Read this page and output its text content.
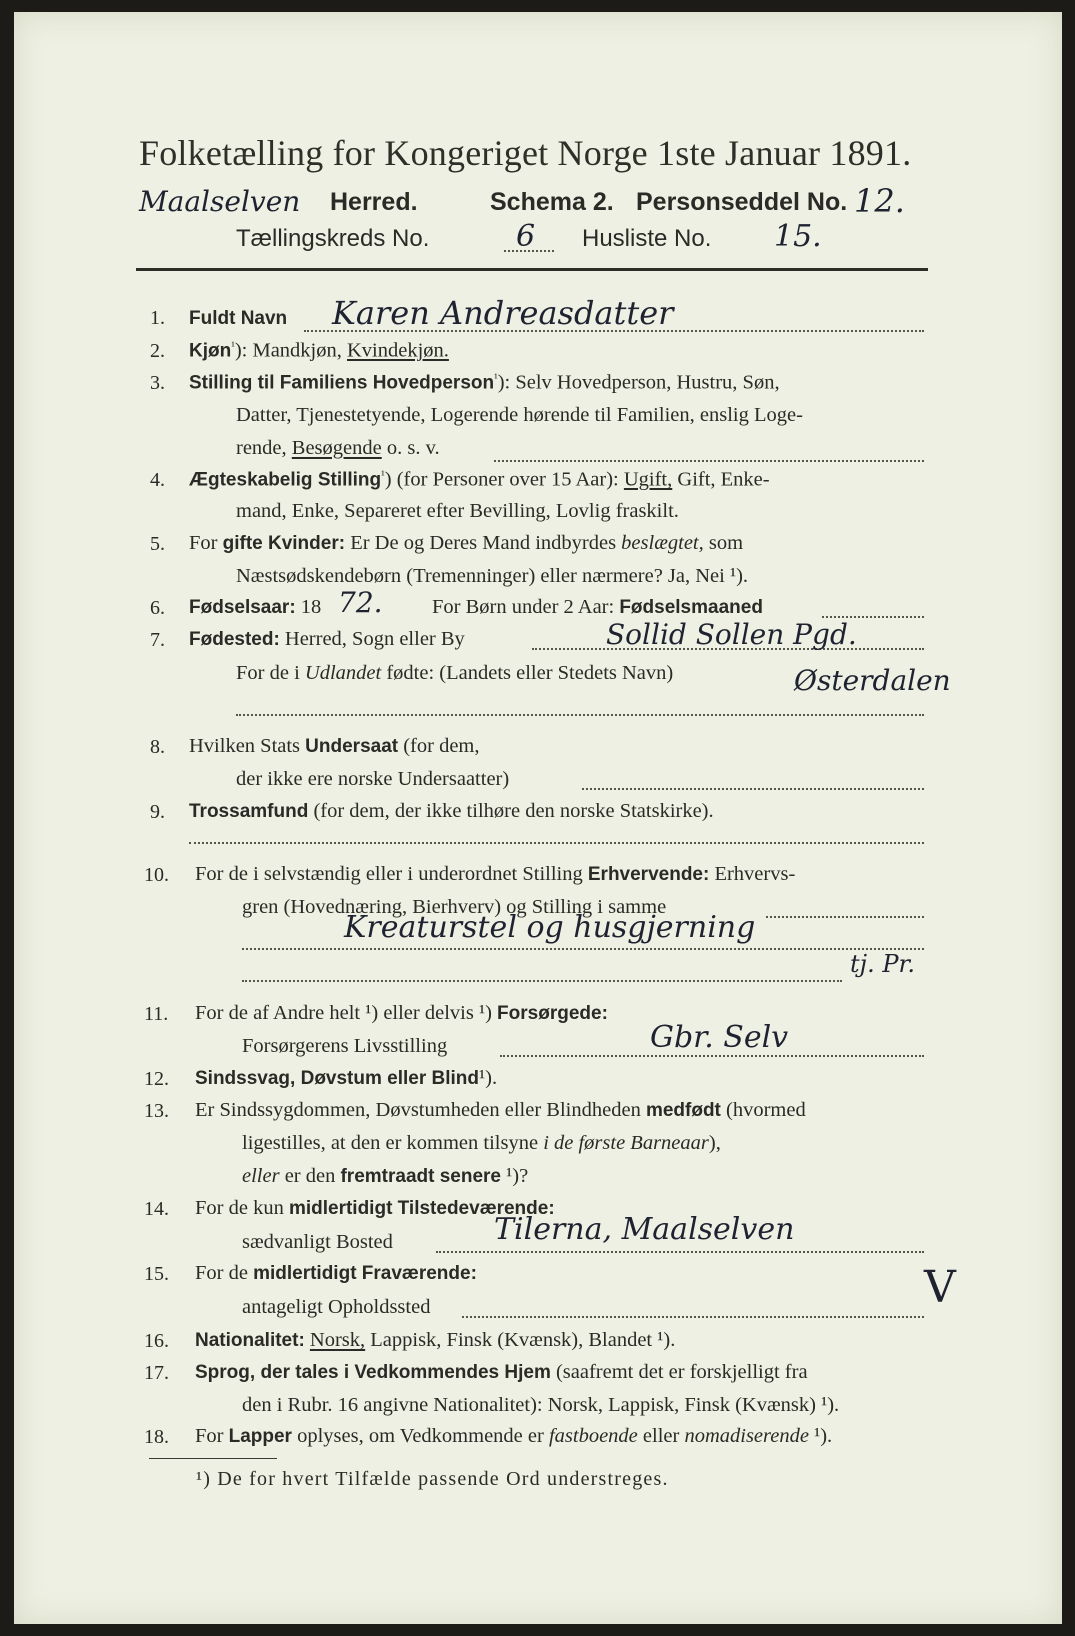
Folketælling for Kongeriget Norge 1ste Januar 1891.
Maalselven Herred.	Schema 2. Personseddel No. 12.
Tællingskreds No.	6 Husliste No. 15.
1. Fuldt Navn Karen Andreasdatter
2. Kjøn$^{^1}$): Mandkjøn, Kvindekjøn.
3. Stilling til Familiens Hovedperson$^{^1}$): Selv Hovedperson, Hustru, Søn,
Datter, Tjenestetyende, Logerende hørende til Familien, enslig Loge-
rende, Besøgende o. s. v.
4. Ægteskabelig Stilling$^{^1}$) (for Personer over 15 Aar): Ugift, Gift, Enke-
mand, Enke, Separeret efter Bevilling, Lovlig fraskilt.
5. For gifte Kvinder: Er De og Deres Mand indbyrdes beslægtet, som
Næstsødskendebørn (Tremenninger) eller nærmere? Ja, Nei ¹).
6. Fødselsaar: 18 72. For Børn under 2 Aar: Fødselsmaaned
7. Fødested: Herred, Sogn eller By	Sollid Sollen Pgd.
For de i Udlandet fødte: (Landets eller Stedets Navn)	Østerdalen
8. Hvilken Stats Undersaat (for dem,
der ikke ere norske Undersaatter)
9. Trossamfund (for dem, der ikke tilhøre den norske Statskirke).
10. For de i selvstændig eller i underordnet Stilling Erhvervende: Erhvervs-
gren (Hovednæring, Bierhverv) og Stilling i samme
Kreaturstel og husgjerning
tj. Pr.
11. For de af Andre helt ¹) eller delvis ¹) Forsørgede:
Forsørgerens Livsstilling	Gbr. Selv
12. Sindssvag, Døvstum eller Blind¹).
13. Er Sindssygdommen, Døvstumheden eller Blindheden medfødt (hvormed
ligestilles, at den er kommen tilsyne i de første Barneaar),
eller er den fremtraadt senere ¹)?
14. For de kun midlertidigt Tilstedeværende:
sædvanligt Bosted	Tilerna, Maalselven
15. For de midlertidigt Fraværende:
antageligt Opholdssted	V
16. Nationalitet: Norsk, Lappisk, Finsk (Kvænsk), Blandet ¹).
17. Sprog, der tales i Vedkommendes Hjem (saafremt det er forskjelligt fra
den i Rubr. 16 angivne Nationalitet): Norsk, Lappisk, Finsk (Kvænsk) ¹).
18. For Lapper oplyses, om Vedkommende er fastboende eller nomadiserende ¹).
¹) De for hvert Tilfælde passende Ord understreges.
